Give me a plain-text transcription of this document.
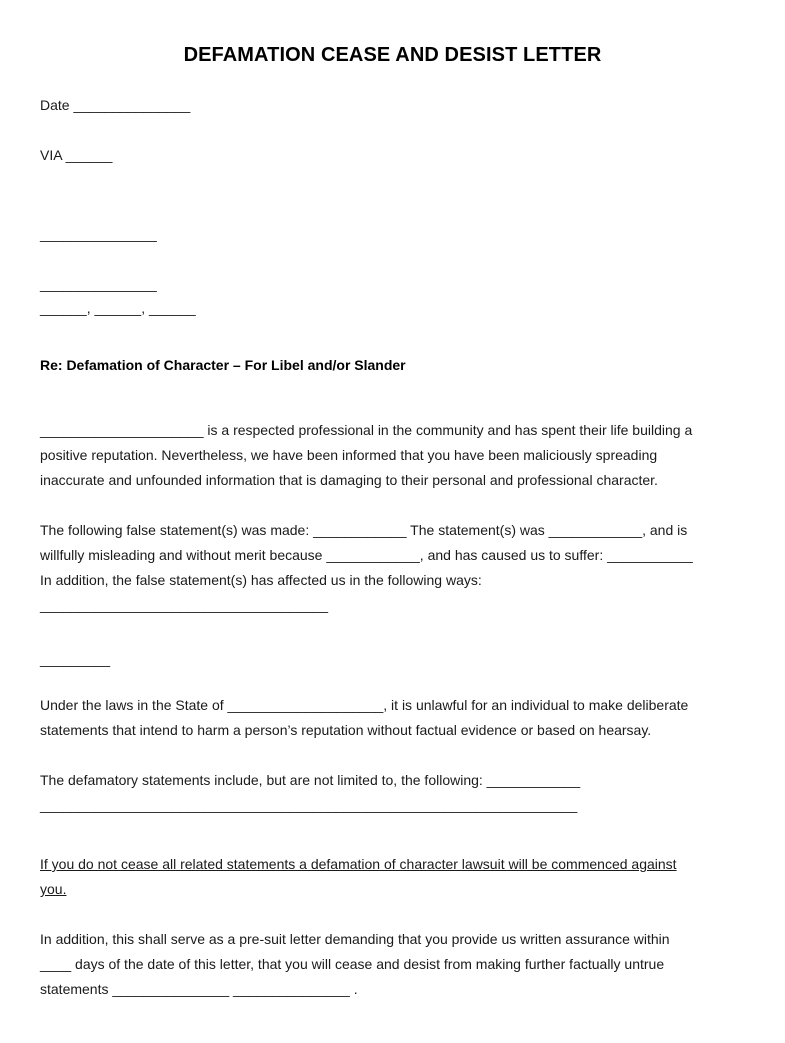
DEFAMATION CEASE AND DESIST LETTER
Date _______________
VIA ______
_______________
_______________
______, ______, ______
Re: Defamation of Character – For Libel and/or Slander

_____________________ is a respected professional in the community and has spent their life building a

positive reputation. Nevertheless, we have been informed that you have been maliciously spreading

inaccurate and unfounded information that is damaging to their personal and professional character.

The following false statement(s) was made: ____________ The statement(s) was ____________, and is

willfully misleading and without merit because ____________, and has caused us to suffer: ___________

In addition, the false statement(s) has affected us in the following ways:

_____________________________________

_________

Under the laws in the State of ____________________, it is unlawful for an individual to make deliberate

statements that intend to harm a person’s reputation without factual evidence or based on hearsay.

The defamatory statements include, but are not limited to, the following: ____________

_____________________________________________________________________

If you do not cease all related statements a defamation of character lawsuit will be commenced against

you.

In addition, this shall serve as a pre-suit letter demanding that you provide us written assurance within

____ days of the date of this letter, that you will cease and desist from making further factually untrue

statements _______________ _______________ .
